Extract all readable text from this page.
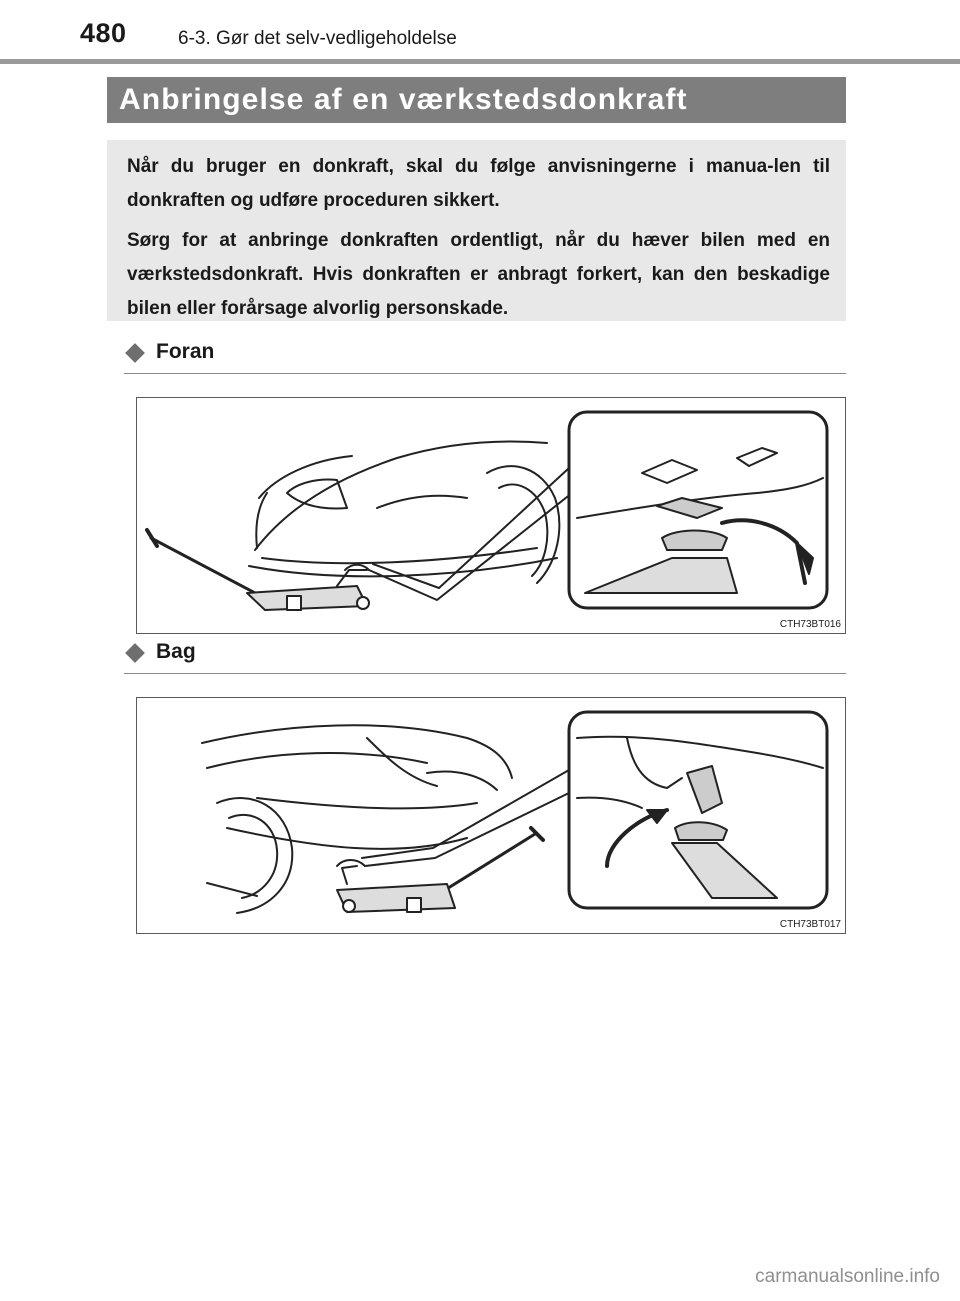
480	6-3. Gør det selv-vedligeholdelse
Anbringelse af en værkstedsdonkraft

Når du bruger en donkraft, skal du følge anvisningerne i manua-len til donkraften og udføre proceduren sikkert.

Sørg for at anbringe donkraften ordentligt, når du hæver bilen med en værkstedsdonkraft. Hvis donkraften er anbragt forkert, kan den beskadige bilen eller forårsage alvorlig personskade.

Foran
CTH73BT016
Bag
CTH73BT017
carmanualsonline.info
